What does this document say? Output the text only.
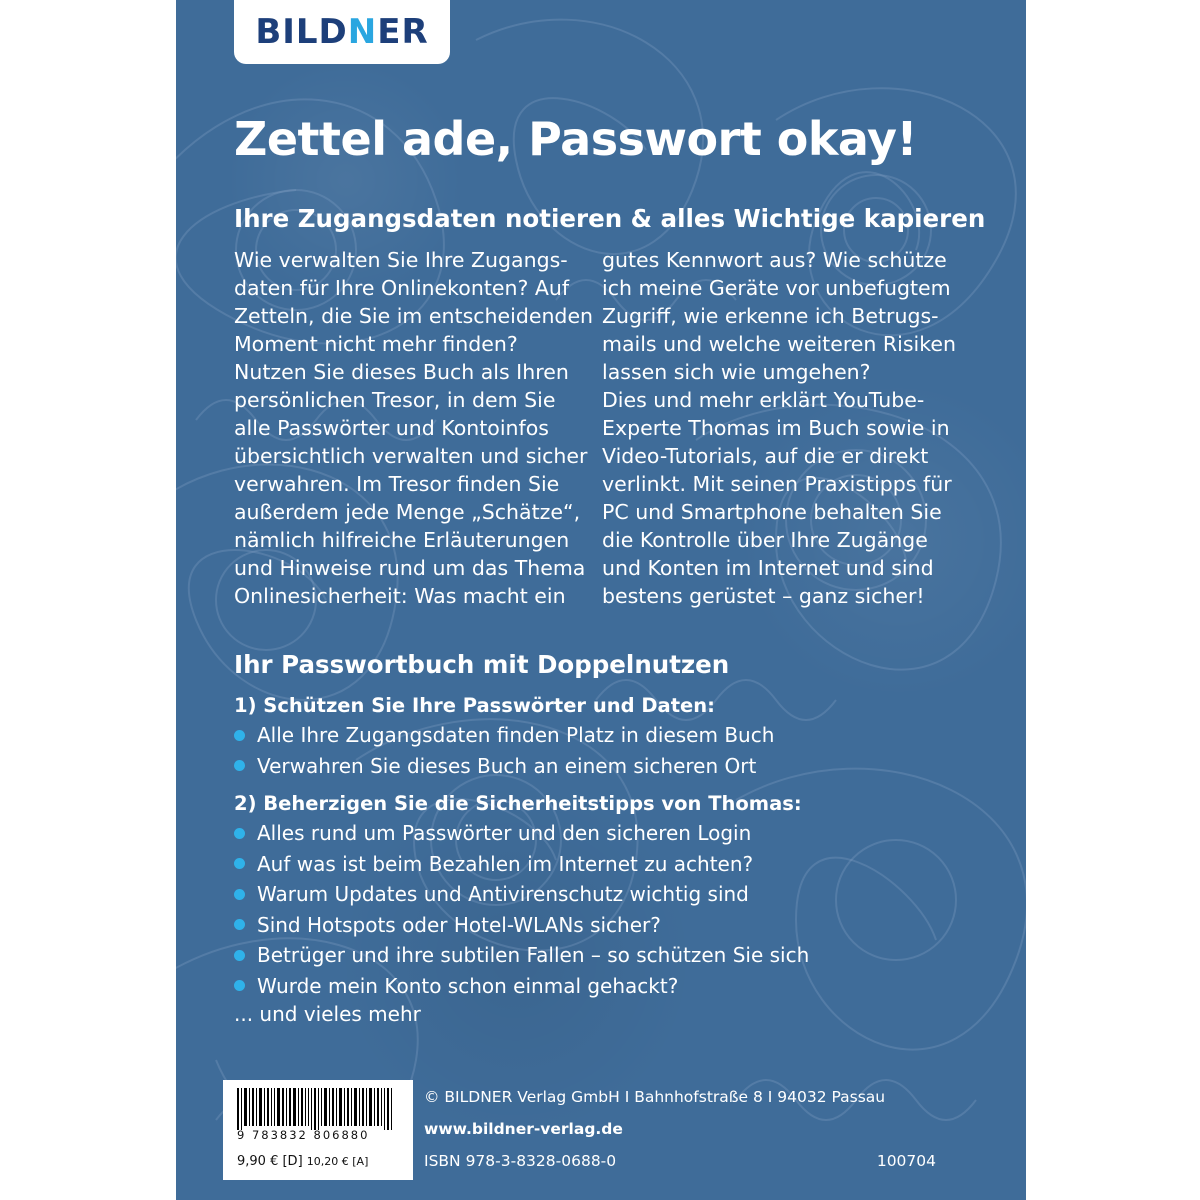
BILDNER
Zettel ade, Passwort okay!
Ihre Zugangsdaten notieren & alles Wichtige kapieren
Wie verwalten Sie Ihre Zugangs-
daten für Ihre Onlinekonten? Auf
Zetteln, die Sie im entscheidenden
Moment nicht mehr finden?
Nutzen Sie dieses Buch als Ihren
persönlichen Tresor, in dem Sie
alle Passwörter und Kontoinfos
übersichtlich verwalten und sicher
verwahren. Im Tresor finden Sie
außerdem jede Menge „Schätze“,
nämlich hilfreiche Erläuterungen
und Hinweise rund um das Thema
Onlinesicherheit: Was macht ein
gutes Kennwort aus? Wie schütze
ich meine Geräte vor unbefugtem
Zugriff, wie erkenne ich Betrugs-
mails und welche weiteren Risiken
lassen sich wie umgehen?
Dies und mehr erklärt YouTube-
Experte Thomas im Buch sowie in
Video-Tutorials, auf die er direkt
verlinkt. Mit seinen Praxistipps für
PC und Smartphone behalten Sie
die Kontrolle über Ihre Zugänge
und Konten im Internet und sind
bestens gerüstet – ganz sicher!
Ihr Passwortbuch mit Doppelnutzen
1) Schützen Sie Ihre Passwörter und Daten:
Alle Ihre Zugangsdaten finden Platz in diesem Buch
Verwahren Sie dieses Buch an einem sicheren Ort
2) Beherzigen Sie die Sicherheitstipps von Thomas:
Alles rund um Passwörter und den sicheren Login
Auf was ist beim Bezahlen im Internet zu achten?
Warum Updates und Antivirenschutz wichtig sind
Sind Hotspots oder Hotel-WLANs sicher?
Betrüger und ihre subtilen Fallen – so schützen Sie sich
Wurde mein Konto schon einmal gehackt?

... und vieles mehr

9 783832 806880
9,90 € [D] 10,20 € [A]
© BILDNER Verlag GmbH I Bahnhofstraße 8 I 94032 Passau
www.bildner-verlag.de
ISBN 978-3-8328-0688-0	100704
